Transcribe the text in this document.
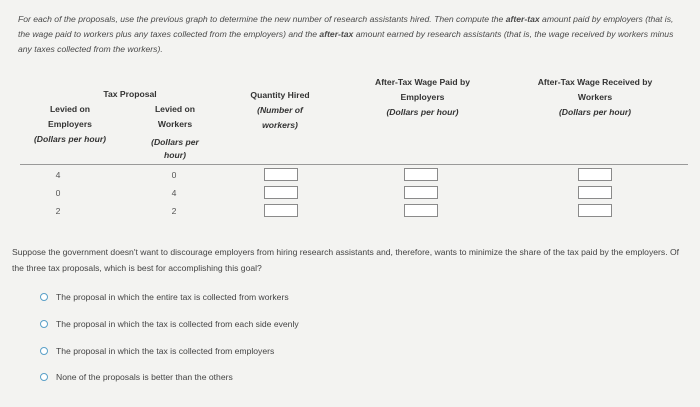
For each of the proposals, use the previous graph to determine the new number of research assistants hired. Then compute the after-tax amount paid by employers (that is, the wage paid to workers plus any taxes collected from the employers) and the after-tax amount earned by research assistants (that is, the wage received by workers minus any taxes collected from the workers).
Tax Proposal
Levied on
Employers
(Dollars per hour)
Levied on
Workers
(Dollars per
hour)
Quantity Hired
(Number of
workers)
After-Tax Wage Paid by
Employers
(Dollars per hour)
After-Tax Wage Received by
Workers
(Dollars per hour)
4	0
0	4
2	2
Suppose the government doesn't want to discourage employers from hiring research assistants and, therefore, wants to minimize the share of the tax paid by the employers. Of the three tax proposals, which is best for accomplishing this goal?
The proposal in which the entire tax is collected from workers
The proposal in which the tax is collected from each side evenly
The proposal in which the tax is collected from employers
None of the proposals is better than the others
